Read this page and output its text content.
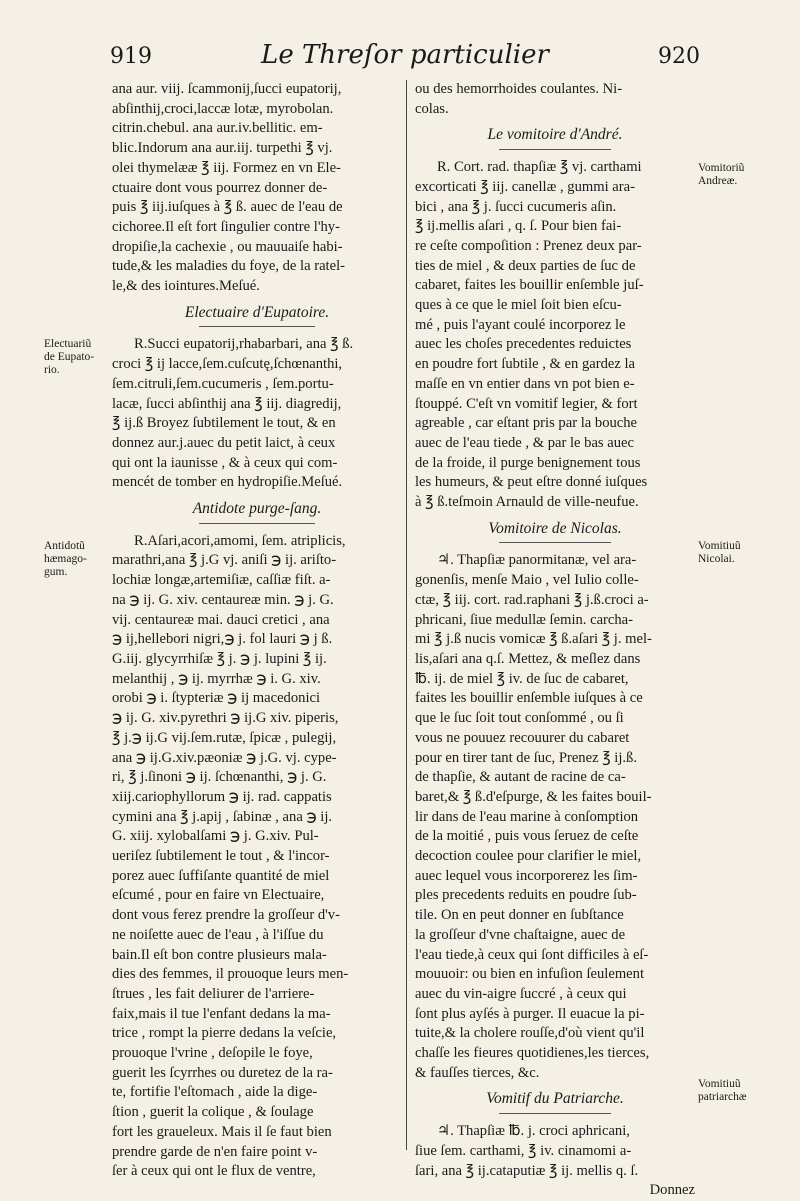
919	Le Threſor particulier	920

ana aur. viij. ſcammonij,ſucci eupatorij,

abſinthij,croci,laccæ lotæ, myrobolan.

citrin.chebul. ana aur.iv.bellitic. em-

blic.Indorum ana aur.iij. turpethi ℥ vj.

olei thymelææ ℥ iij. Formez en vn Ele-

ctuaire dont vous pourrez donner de-

puis ℥ iij.iuſques à ℥ ß. auec de l'eau de

cichoree.Il eſt fort ſingulier contre l'hy-

dropiſie,la cachexie , ou mauuaiſe habi-

tude,& les maladies du foye, de la ratel-

le,& des iointures.Meſué.

Electuaire d'Eupatoire.

R.Succi eupatorij,rhabarbari, ana ℥ ß.

croci ℥ ij lacce,ſem.cuſcutę,ſchœnanthi,

ſem.citruli,ſem.cucumeris , ſem.portu-

lacæ, ſucci abſinthij ana ℥ iij. diagredij,

℥ ij.ß Broyez ſubtilement le tout, & en

donnez aur.j.auec du petit laict, à ceux

qui ont la iaunisse , & à ceux qui com-

mencét de tomber en hydropiſie.Meſué.

Antidote purge-ſang.

R.Aſari,acori,amomi, ſem. atriplicis,

marathri,ana ℥ j.G vj. aniſi ℈ ij. ariſto-

lochiæ longæ,artemiſiæ, caſſiæ fiſt. a-

na ℈ ij. G. xiv. centaureæ min. ℈ j. G.

vij. centaureæ mai. dauci cretici , ana

℈ ij,hellebori nigri,℈ j. fol lauri ℈ j ß.

G.iij. glycyrrhiſæ ℥ j. ℈ j. lupini ℥ ij.

melanthij , ℈ ij. myrrhæ ℈ i. G. xiv.

orobi ℈ i. ſtypteriæ ℈ ij macedonici

℈ ij. G. xiv.pyrethri ℈ ij.G xiv. piperis,

℥ j.℈ ij.G vij.ſem.rutæ, ſpicæ , pulegij,

ana ℈ ij.G.xiv.pæoniæ ℈ j.G. vj. cype-

ri, ℥ j.ſinoni ℈ ij. ſchœnanthi, ℈ j. G.

xiij.cariophyllorum ℈ ij. rad. cappatis

cymini ana ℥ j.apij , ſabinæ , ana ℈ ij.

G. xiij. xylobalſami ℈ j. G.xiv. Pul-

ueriſez ſubtilement le tout , & l'incor-

porez auec ſuffiſante quantité de miel

eſcumé , pour en faire vn Electuaire,

dont vous ferez prendre la groſſeur d'v-

ne noiſette auec de l'eau , à l'iſſue du

bain.Il eſt bon contre plusieurs mala-

dies des femmes, il prouoque leurs men-

ſtrues , les fait deliurer de l'arriere-

faix,mais il tue l'enfant dedans la ma-

trice , rompt la pierre dedans la veſcie,

prouoque l'vrine , deſopile le foye,

guerit les ſcyrrhes ou duretez de la ra-

te, fortifie l'eſtomach , aide la dige-

ſtion , guerit la colique , & ſoulage

fort les graueleux. Mais il ſe faut bien

prendre garde de n'en faire point v-

ſer à ceux qui ont le flux de ventre,

ou des hemorrhoides coulantes. Ni-

colas.

Le vomitoire d'André.

R. Cort. rad. thapſiæ ℥ vj. carthami

excorticati ℥ iij. canellæ , gummi ara-

bici , ana ℥ j. ſucci cucumeris aſin.

℥ ij.mellis aſari , q. ſ. Pour bien fai-

re ceſte compoſition : Prenez deux par-

ties de miel , & deux parties de ſuc de

cabaret, faites les bouillir enſemble juſ-

ques à ce que le miel ſoit bien eſcu-

mé , puis l'ayant coulé incorporez le

auec les choſes precedentes reduictes

en poudre fort ſubtile , & en gardez la

maſſe en vn entier dans vn pot bien e-

ſtouppé. C'eſt vn vomitif legier, & fort

agreable , car eſtant pris par la bouche

auec de l'eau tiede , & par le bas auec

de la froide, il purge benignement tous

les humeurs, & peut eſtre donné iuſques

à ℥ ß.teſmoin Arnauld de ville-neufue.

Vomitoire de Nicolas.

♃. Thapſiæ panormitanæ, vel ara-

gonenſis, menſe Maio , vel Iulio colle-

ctæ, ℥ iij. cort. rad.raphani ℥ j.ß.croci a-

phricani, ſiue medullæ ſemin. carcha-

mi ℥ j.ß nucis vomicæ ℥ ß.aſari ℥ j. mel-

lis,aſari ana q.ſ. Mettez, & meſlez dans

℔. ij. de miel ℥ iv. de ſuc de cabaret,

faites les bouillir enſemble iuſques à ce

que le ſuc ſoit tout conſommé , ou ſi

vous ne pouuez recouurer du cabaret

pour en tirer tant de ſuc, Prenez ℥ ij.ß.

de thapſie, & autant de racine de ca-

baret,& ℥ ß.d'eſpurge, & les faites bouil-

lir dans de l'eau marine à conſomption

de la moitié , puis vous ſeruez de ceſte

decoction coulee pour clarifier le miel,

auec lequel vous incorporerez les ſim-

ples precedents reduits en poudre ſub-

tile. On en peut donner en ſubſtance

la groſſeur d'vne chaſtaigne, auec de

l'eau tiede,à ceux qui ſont difficiles à eſ-

mouuoir: ou bien en infuſion ſeulement

auec du vin-aigre ſuccré , à ceux qui

ſont plus ayſés à purger. Il euacue la pi-

tuite,& la cholere rouſſe,d'où vient qu'il

chaſſe les fieures quotidienes,les tierces,

& fauſſes tierces, &c.

Vomitif du Patriarche.

♃. Thapſiæ ℔. j. croci aphricani,

ſiue ſem. carthami, ℥ iv. cinamomi a-

ſari, ana ℥ ij.cataputiæ ℥ ij. mellis q. ſ.

Donnez

Electuariũ de Eupato-rio.
Antidotũ hæmago-gum.
Vomitoriũ Andreæ.
Vomitiuũ Nicolai.
Vomitiuũ patriarchæ
